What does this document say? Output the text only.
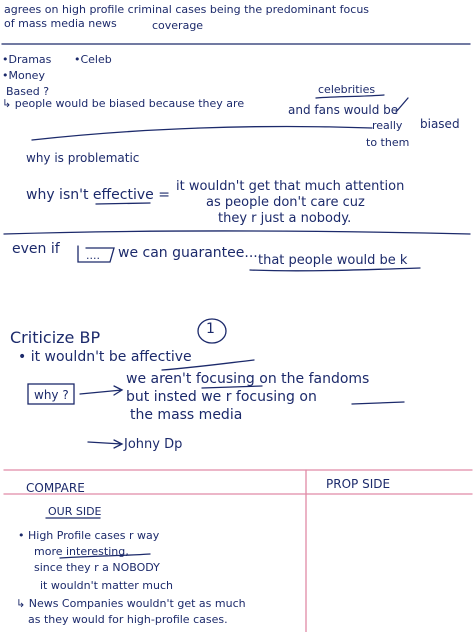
agrees on high profile criminal cases being the predominant focus
of mass media news	coverage
•Dramas •Celeb
•Money
Based ?
↳ people would be biased because they are
celebrities
and fans would be
really biased
to them
why is problematic
why isn't effective =
it wouldn't get that much attention
as people don't care cuz
they r just a nobody.
even if .... we can guarantee... that people would be k
Criticize BP	1
• it wouldn't be affective
why ?
we aren't focusing on the fandoms
but insted we r focusing on
the mass media
Johny Dp
COMPARE	PROP SIDE
OUR SIDE
• High Profile cases r way
more interesting,
since they r a NOBODY
it wouldn't matter much
↳ News Companies wouldn't get as much
as they would for high-profile cases.
